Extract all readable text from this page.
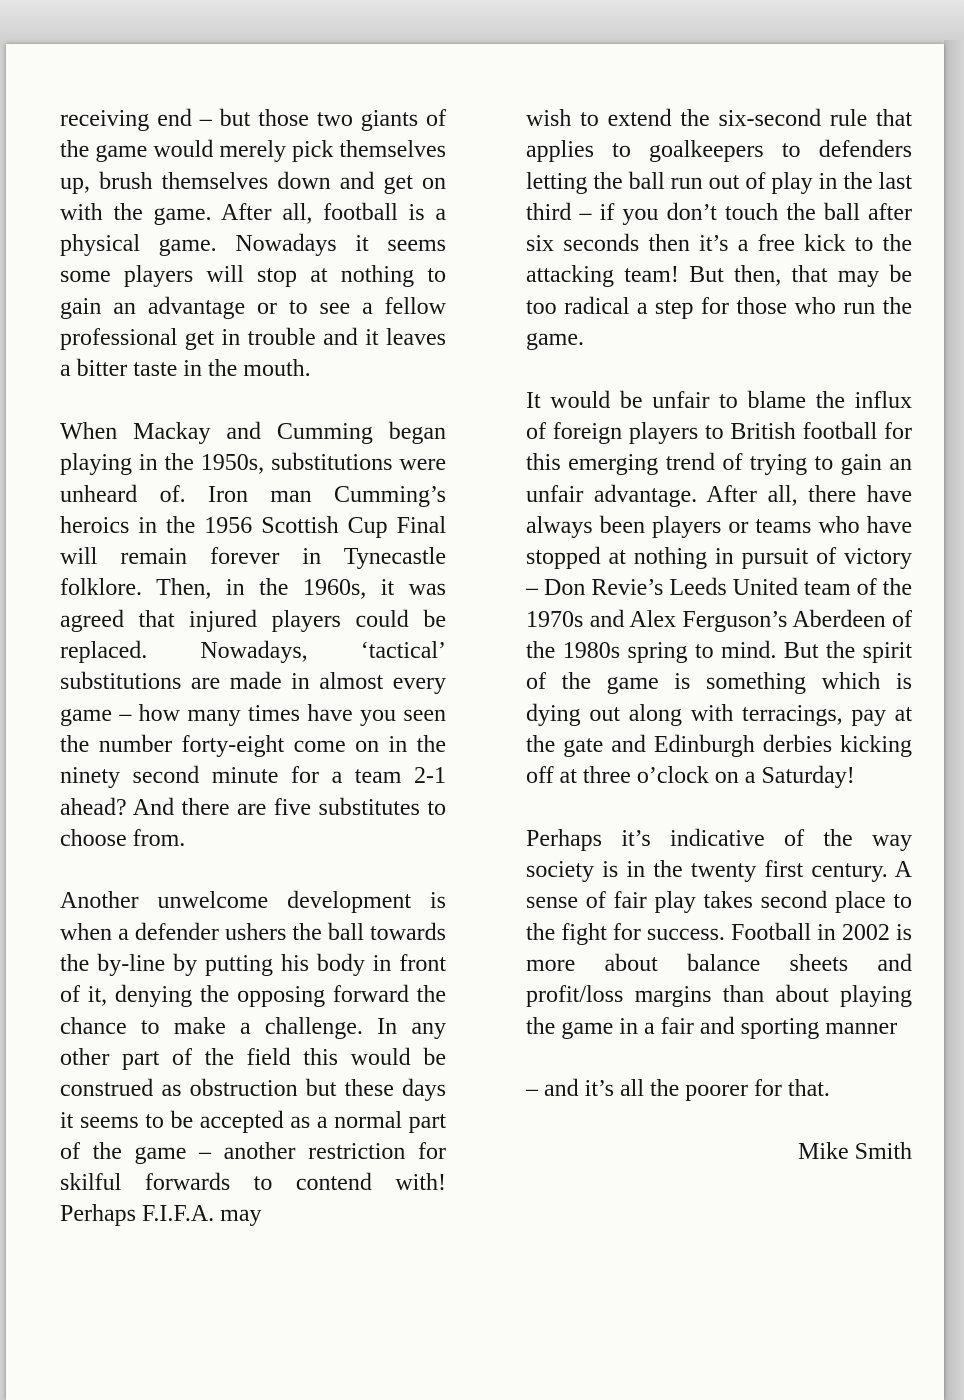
receiving end – but those two giants of the game would merely pick themselves up, brush themselves down and get on with the game. After all, football is a physical game. Nowadays it seems some players will stop at nothing to gain an advantage or to see a fellow professional get in trouble and it leaves a bitter taste in the mouth.

When Mackay and Cumming began playing in the 1950s, substitutions were unheard of. Iron man Cumming’s heroics in the 1956 Scottish Cup Final will remain forever in Tynecastle folklore. Then, in the 1960s, it was agreed that injured players could be replaced. Nowadays, ‘tactical’ substitutions are made in almost every game – how many times have you seen the number forty-eight come on in the ninety second minute for a team 2-1 ahead? And there are five substitutes to choose from.

Another unwelcome development is when a defender ushers the ball towards the by-line by putting his body in front of it, denying the opposing forward the chance to make a challenge. In any other part of the field this would be construed as obstruction but these days it seems to be accepted as a normal part of the game – another restriction for skilful forwards to contend with! Perhaps F.I.F.A. may

wish to extend the six-second rule that applies to goalkeepers to defenders letting the ball run out of play in the last third – if you don’t touch the ball after six seconds then it’s a free kick to the attacking team! But then, that may be too radical a step for those who run the game.

It would be unfair to blame the influx of foreign players to British football for this emerging trend of trying to gain an unfair advantage. After all, there have always been players or teams who have stopped at nothing in pursuit of victory – Don Revie’s Leeds United team of the 1970s and Alex Ferguson’s Aberdeen of the 1980s spring to mind. But the spirit of the game is something which is dying out along with terracings, pay at the gate and Edinburgh derbies kicking off at three o’clock on a Saturday!

Perhaps it’s indicative of the way society is in the twenty first century. A sense of fair play takes second place to the fight for success. Football in 2002 is more about balance sheets and profit/loss margins than about playing the game in a fair and sporting manner

– and it’s all the poorer for that.

Mike Smith
